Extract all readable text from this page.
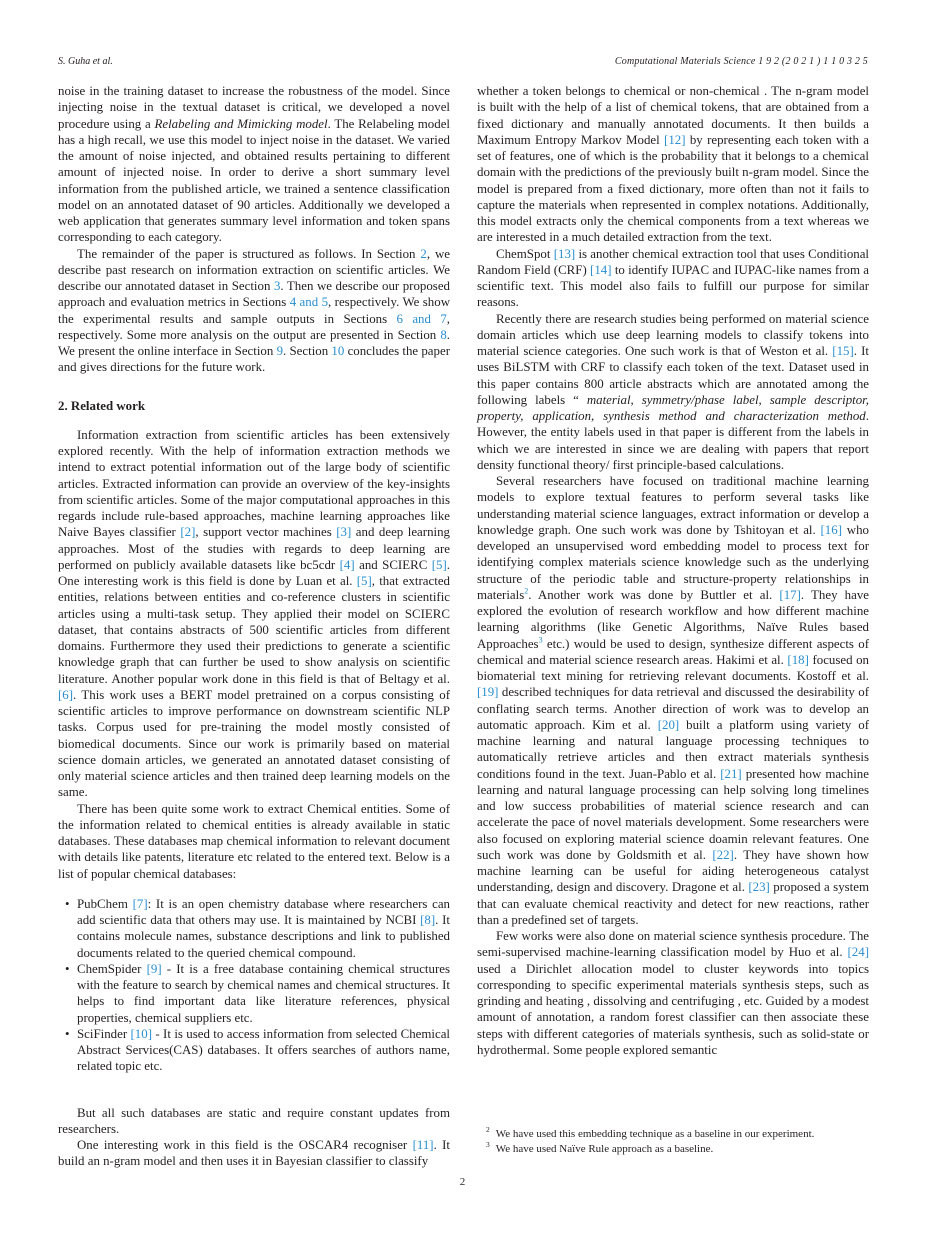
S. Guha et al.	Computational Materials Science 1 9 2 (2 0 2 1 ) 1 1 0 3 2 5

noise in the training dataset to increase the robustness of the model. Since injecting noise in the textual dataset is critical, we developed a novel procedure using a Relabeling and Mimicking model. The Relabeling model has a high recall, we use this model to inject noise in the dataset. We varied the amount of noise injected, and obtained results pertaining to different amount of injected noise. In order to derive a short summary level information from the published article, we trained a sentence classification model on an annotated dataset of 90 articles. Additionally we developed a web application that generates summary level information and token spans corresponding to each category.

The remainder of the paper is structured as follows. In Section 2, we describe past research on information extraction on scientific articles. We describe our annotated dataset in Section 3. Then we describe our proposed approach and evaluation metrics in Sections 4 and 5, respectively. We show the experimental results and sample outputs in Sections 6 and 7, respectively. Some more analysis on the output are presented in Section 8. We present the online interface in Section 9. Section 10 concludes the paper and gives directions for the future work.

2. Related work

Information extraction from scientific articles has been extensively explored recently. With the help of information extraction methods we intend to extract potential information out of the large body of scientific articles. Extracted information can provide an overview of the key-insights from scientific articles. Some of the major computational approaches in this regards include rule-based approaches, machine learning approaches like Naive Bayes classifier [2], support vector machines [3] and deep learning approaches. Most of the studies with regards to deep learning are performed on publicly available datasets like bc5cdr [4] and SCIERC [5]. One interesting work is this field is done by Luan et al. [5], that extracted entities, relations between entities and co-reference clusters in scientific articles using a multi-task setup. They applied their model on SCIERC dataset, that contains abstracts of 500 scientific articles from different domains. Furthermore they used their predictions to generate a scientific knowledge graph that can further be used to show analysis on scientific literature. Another popular work done in this field is that of Beltagy et al. [6]. This work uses a BERT model pretrained on a corpus consisting of scientific articles to improve performance on downstream scientific NLP tasks. Corpus used for pre-training the model mostly consisted of biomedical documents. Since our work is primarily based on material science domain articles, we generated an annotated dataset consisting of only material science articles and then trained deep learning models on the same.

There has been quite some work to extract Chemical entities. Some of the information related to chemical entities is already available in static databases. These databases map chemical information to relevant document with details like patents, literature etc related to the entered text. Below is a list of popular chemical databases:

• PubChem [7]: It is an open chemistry database where researchers can add scientific data that others may use. It is maintained by NCBI [8]. It contains molecule names, substance descriptions and link to published documents related to the queried chemical compound.
• ChemSpider [9] - It is a free database containing chemical structures with the feature to search by chemical names and chemical structures. It helps to find important data like literature references, physical properties, chemical suppliers etc.
• SciFinder [10] - It is used to access information from selected Chemical Abstract Services(CAS) databases. It offers searches of authors name, related topic etc.

But all such databases are static and require constant updates from researchers.

One interesting work in this field is the OSCAR4 recogniser [11]. It build an n-gram model and then uses it in Bayesian classifier to classify

whether a token belongs to chemical or non-chemical . The n-gram model is built with the help of a list of chemical tokens, that are obtained from a fixed dictionary and manually annotated documents. It then builds a Maximum Entropy Markov Model [12] by representing each token with a set of features, one of which is the probability that it belongs to a chemical domain with the predictions of the previously built n-gram model. Since the model is prepared from a fixed dictionary, more often than not it fails to capture the materials when represented in complex notations. Additionally, this model extracts only the chemical components from a text whereas we are interested in a much detailed extraction from the text.

ChemSpot [13] is another chemical extraction tool that uses Conditional Random Field (CRF) [14] to identify IUPAC and IUPAC-like names from a scientific text. This model also fails to fulfill our purpose for similar reasons.

Recently there are research studies being performed on material science domain articles which use deep learning models to classify tokens into material science categories. One such work is that of Weston et al. [15]. It uses BiLSTM with CRF to classify each token of the text. Dataset used in this paper contains 800 article abstracts which are annotated among the following labels “ material, symmetry/phase label, sample descriptor, property, application, synthesis method and characterization method. However, the entity labels used in that paper is different from the labels in which we are interested in since we are dealing with papers that report density functional theory/ first principle-based calculations.

Several researchers have focused on traditional machine learning models to explore textual features to perform several tasks like understanding material science languages, extract information or develop a knowledge graph. One such work was done by Tshitoyan et al. [16] who developed an unsupervised word embedding model to process text for identifying complex materials science knowledge such as the underlying structure of the periodic table and structure-property relationships in materials$^2$. Another work was done by Buttler et al. [17]. They have explored the evolution of research workflow and how different machine learning algorithms (like Genetic Algorithms, Naïve Rules based Approaches$^3$ etc.) would be used to design, synthesize different aspects of chemical and material science research areas. Hakimi et al. [18] focused on biomaterial text mining for retrieving relevant documents. Kostoff et al. [19] described techniques for data retrieval and discussed the desirability of conflating search terms. Another direction of work was to develop an automatic approach. Kim et al. [20] built a platform using variety of machine learning and natural language processing techniques to automatically retrieve articles and then extract materials synthesis conditions found in the text. Juan-Pablo et al. [21] presented how machine learning and natural language processing can help solving long timelines and low success probabilities of material science research and can accelerate the pace of novel materials development. Some researchers were also focused on exploring material science doamin relevant features. One such work was done by Goldsmith et al. [22]. They have shown how machine learning can be useful for aiding heterogeneous catalyst understanding, design and discovery. Dragone et al. [23] proposed a system that can evaluate chemical reactivity and detect for new reactions, rather than a predefined set of targets.

Few works were also done on material science synthesis procedure. The semi-supervised machine-learning classification model by Huo et al. [24] used a Dirichlet allocation model to cluster keywords into topics corresponding to specific experimental materials synthesis steps, such as grinding and heating , dissolving and centrifuging , etc. Guided by a modest amount of annotation, a random forest classifier can then associate these steps with different categories of materials synthesis, such as solid-state or hydrothermal. Some people explored semantic

$^2$ We have used this embedding technique as a baseline in our experiment.
$^3$ We have used Naïve Rule approach as a baseline.
2
